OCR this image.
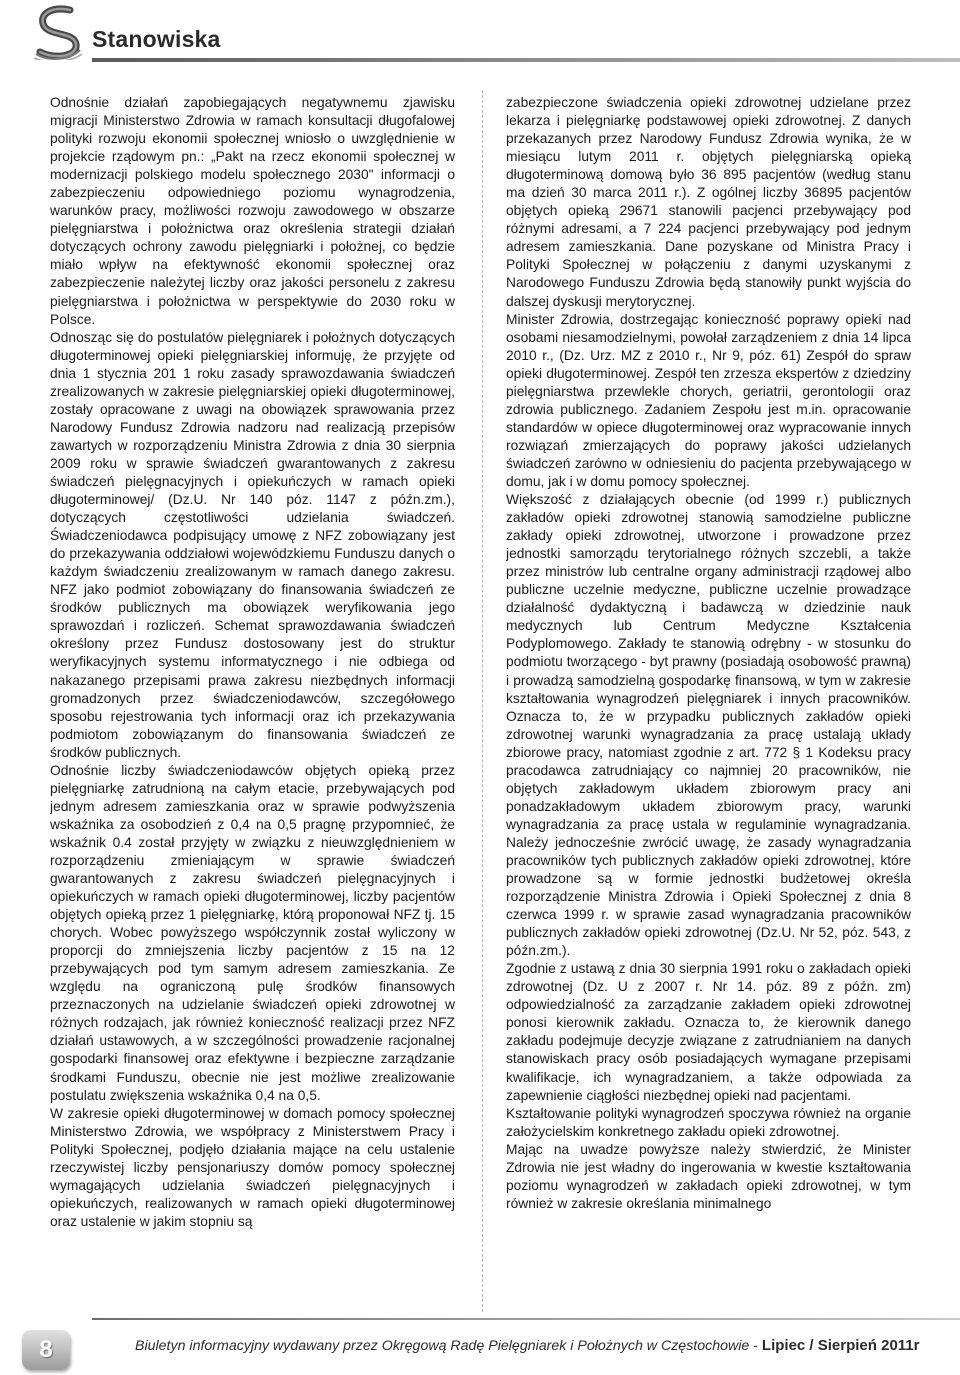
Stanowiska

Odnośnie działań zapobiegających negatywnemu zjawisku migracji Ministerstwo Zdrowia w ramach konsultacji długofalowej polityki rozwoju ekonomii społecznej wniosło o uwzględnienie w projekcie rządowym pn.: „Pakt na rzecz ekonomii społecznej w modernizacji polskiego modelu społecznego 2030" informacji o zabezpieczeniu odpowiedniego poziomu wynagrodzenia, warunków pracy, możliwości rozwoju zawodowego w obszarze pielęgniarstwa i położnictwa oraz określenia strategii działań dotyczących ochrony zawodu pielęgniarki i położnej, co będzie miało wpływ na efektywność ekonomii społecznej oraz zabezpieczenie należytej liczby oraz jakości personelu z zakresu pielęgniarstwa i położnictwa w perspektywie do 2030 roku w Polsce.

Odnosząc się do postulatów pielęgniarek i położnych dotyczących długoterminowej opieki pielęgniarskiej informuję, że przyjęte od dnia 1 stycznia 201 1 roku zasady sprawozdawania świadczeń zrealizowanych w zakresie pielęgniarskiej opieki długoterminowej, zostały opracowane z uwagi na obowiązek sprawowania przez Narodowy Fundusz Zdrowia nadzoru nad realizacją przepisów zawartych w rozporządzeniu Ministra Zdrowia z dnia 30 sierpnia 2009 roku w sprawie świadczeń gwarantowanych z zakresu świadczeń pielęgnacyjnych i opiekuńczych w ramach opieki długoterminowej/ (Dz.U. Nr 140 póz. 1147 z późn.zm.), dotyczących częstotliwości udzielania świadczeń. Świadczeniodawca podpisujący umowę z NFZ zobowiązany jest do przekazywania oddziałowi wojewódzkiemu Funduszu danych o każdym świadczeniu zrealizowanym w ramach danego zakresu. NFZ jako podmiot zobowiązany do finansowania świadczeń ze środków publicznych ma obowiązek weryfikowania jego sprawozdań i rozliczeń. Schemat sprawozdawania świadczeń określony przez Fundusz dostosowany jest do struktur weryfikacyjnych systemu informatycznego i nie odbiega od nakazanego przepisami prawa zakresu niezbędnych informacji gromadzonych przez świadczeniodawców, szczegółowego sposobu rejestrowania tych informacji oraz ich przekazywania podmiotom zobowiązanym do finansowania świadczeń ze środków publicznych.

Odnośnie liczby świadczeniodawców objętych opieką przez pielęgniarkę zatrudnioną na całym etacie, przebywających pod jednym adresem zamieszkania oraz w sprawie podwyższenia wskaźnika za osobodzień z 0,4 na 0,5 pragnę przypomnieć, że wskaźnik 0.4 został przyjęty w związku z nieuwzględnieniem w rozporządzeniu zmieniającym w sprawie świadczeń gwarantowanych z zakresu świadczeń pielęgnacyjnych i opiekuńczych w ramach opieki długoterminowej, liczby pacjentów objętych opieką przez 1 pielęgniarkę, którą proponował NFZ tj. 15 chorych. Wobec powyższego współczynnik został wyliczony w proporcji do zmniejszenia liczby pacjentów z 15 na 12 przebywających pod tym samym adresem zamieszkania. Ze względu na ograniczoną pulę środków finansowych przeznaczonych na udzielanie świadczeń opieki zdrowotnej w różnych rodzajach, jak również konieczność realizacji przez NFZ działań ustawowych, a w szczególności prowadzenie racjonalnej gospodarki finansowej oraz efektywne i bezpieczne zarządzanie środkami Funduszu, obecnie nie jest możliwe zrealizowanie postulatu zwiększenia wskaźnika 0,4 na 0,5.

W zakresie opieki długoterminowej w domach pomocy społecznej Ministerstwo Zdrowia, we współpracy z Ministerstwem Pracy i Polityki Społecznej, podjęło działania mające na celu ustalenie rzeczywistej liczby pensjonariuszy domów pomocy społecznej wymagających udzielania świadczeń pielęgnacyjnych i opiekuńczych, realizowanych w ramach opieki długoterminowej oraz ustalenie w jakim stopniu są

zabezpieczone świadczenia opieki zdrowotnej udzielane przez lekarza i pielęgniarkę podstawowej opieki zdrowotnej. Z danych przekazanych przez Narodowy Fundusz Zdrowia wynika, że w miesiącu lutym 2011 r. objętych pielęgniarską opieką długoterminową domową było 36 895 pacjentów (według stanu ma dzień 30 marca 2011 r.). Z ogólnej liczby 36895 pacjentów objętych opieką 29671 stanowili pacjenci przebywający pod różnymi adresami, a 7 224 pacjenci przebywający pod jednym adresem zamieszkania. Dane pozyskane od Ministra Pracy i Polityki Społecznej w połączeniu z danymi uzyskanymi z Narodowego Funduszu Zdrowia będą stanowiły punkt wyjścia do dalszej dyskusji merytorycznej.

Minister Zdrowia, dostrzegając konieczność poprawy opieki nad osobami niesamodzielnymi, powołał zarządzeniem z dnia 14 lipca 2010 r., (Dz. Urz. MZ z 2010 r., Nr 9, póz. 61) Zespół do spraw opieki długoterminowej. Zespół ten zrzesza ekspertów z dziedziny pielęgniarstwa przewlekle chorych, geriatrii, gerontologii oraz zdrowia publicznego. Zadaniem Zespołu jest m.in. opracowanie standardów w opiece długoterminowej oraz wypracowanie innych rozwiązań zmierzających do poprawy jakości udzielanych świadczeń zarówno w odniesieniu do pacjenta przebywającego w domu, jak i w domu pomocy społecznej.

Większość z działających obecnie (od 1999 r.) publicznych zakładów opieki zdrowotnej stanowią samodzielne publiczne zakłady opieki zdrowotnej, utworzone i prowadzone przez jednostki samorządu terytorialnego różnych szczebli, a także przez ministrów lub centralne organy administracji rządowej albo publiczne uczelnie medyczne, publiczne uczelnie prowadzące działalność dydaktyczną i badawczą w dziedzinie nauk medycznych lub Centrum Medyczne Kształcenia Podyplomowego. Zakłady te stanowią odrębny - w stosunku do podmiotu tworzącego - byt prawny (posiadają osobowość prawną) i prowadzą samodzielną gospodarkę finansową, w tym w zakresie kształtowania wynagrodzeń pielęgniarek i innych pracowników. Oznacza to, że w przypadku publicznych zakładów opieki zdrowotnej warunki wynagradzania za pracę ustalają układy zbiorowe pracy, natomiast zgodnie z art. 772 § 1 Kodeksu pracy pracodawca zatrudniający co najmniej 20 pracowników, nie objętych zakładowym układem zbiorowym pracy ani ponadzakładowym układem zbiorowym pracy, warunki wynagradzania za pracę ustala w regulaminie wynagradzania. Należy jednocześnie zwrócić uwagę, że zasady wynagradzania pracowników tych publicznych zakładów opieki zdrowotnej, które prowadzone są w formie jednostki budżetowej określa rozporządzenie Ministra Zdrowia i Opieki Społecznej z dnia 8 czerwca 1999 r. w sprawie zasad wynagradzania pracowników publicznych zakładów opieki zdrowotnej (Dz.U. Nr 52, póz. 543, z późn.zm.).

Zgodnie z ustawą z dnia 30 sierpnia 1991 roku o zakładach opieki zdrowotnej (Dz. U z 2007 r. Nr 14. póz. 89 z późn. zm) odpowiedzialność za zarządzanie zakładem opieki zdrowotnej ponosi kierownik zakładu. Oznacza to, że kierownik danego zakładu podejmuje decyzje związane z zatrudnianiem na danych stanowiskach pracy osób posiadających wymagane przepisami kwalifikacje, ich wynagradzaniem, a także odpowiada za zapewnienie ciągłości niezbędnej opieki nad pacjentami.

Kształtowanie polityki wynagrodzeń spoczywa również na organie założycielskim konkretnego zakładu opieki zdrowotnej.

Mając na uwadze powyższe należy stwierdzić, że Minister Zdrowia nie jest władny do ingerowania w kwestie kształtowania poziomu wynagrodzeń w zakładach opieki zdrowotnej, w tym również w zakresie określania minimalnego

8	Biuletyn informacyjny wydawany przez Okręgową Radę Pielęgniarek i Położnych w Częstochowie - Lipiec / Sierpień 2011r
